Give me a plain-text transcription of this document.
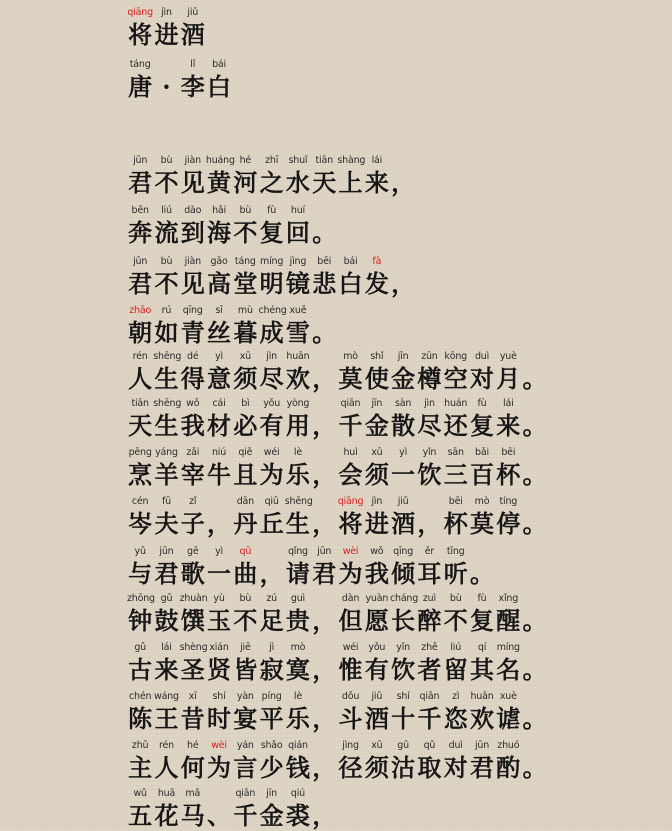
qiāng
将
jìn
进
jiǔ
酒
táng
唐 ·
lǐ
李
bái
白
jūn
君
bù
不
jiàn
见
huáng
黄
hé
河
zhī
之
shuǐ
水
tiān
天
shàng
上
lái
来 ，
bēn
奔
liú
流
dào
到
hǎi
海
bù
不
fù
复
huí
回 。
jūn
君
bù
不
jiàn
见
gāo
高
táng
堂
míng
明
jìng
镜
bēi
悲
bái
白
fà
发 ，
zhāo
朝
rú
如
qīng
青
sī
丝
mù
暮
chéng
成
xuě
雪 。
rén
人
shēng
生
dé
得
yì
意
xū
须
jìn
尽
huān
欢 ，
mò
莫
shǐ
使
jīn
金
zūn
樽
kōng
空
duì
对
yuè
月 。
tiān
天
shēng
生
wǒ
我
cái
材
bì
必
yǒu
有
yòng
用 ，
qiān
千
jīn
金
sàn
散
jìn
尽
huán
还
fù
复
lái
来 。
pēng
烹
yáng
羊
zǎi
宰
niú
牛
qiě
且
wéi
为
lè
乐 ，
huì
会
xū
须
yì
一
yǐn
饮
sān
三
bǎi
百
bēi
杯 。
cén
岑
fū
夫
zǐ
子 ，
dān
丹
qiū
丘
shēng
生 ，
qiāng
将
jìn
进
jiǔ
酒 ，
bēi
杯
mò
莫
tíng
停 。
yǔ
与
jūn
君
gē
歌
yì
一
qǔ
曲 ，
qǐng
请
jūn
君
wèi
为
wǒ
我
qīng
倾
ěr
耳
tīng
听 。
zhōng
钟
gǔ
鼓
zhuàn
馔
yù
玉
bù
不
zú
足
guì
贵 ，
dàn
但
yuàn
愿
cháng
长
zuì
醉
bù
不
fù
复
xǐng
醒 。
gǔ
古
lái
来
shèng
圣
xián
贤
jiē
皆
jì
寂
mò
寞 ，
wéi
惟
yǒu
有
yǐn
饮
zhě
者
liú
留
qí
其
míng
名 。
chén
陈
wáng
王
xī
昔
shí
时
yàn
宴
píng
平
lè
乐 ，
dǒu
斗
jiǔ
酒
shí
十
qiān
千
zì
恣
huān
欢
xuè
谑 。
zhǔ
主
rén
人
hé
何
wèi
为
yán
言
shǎo
少
qián
钱 ，
jìng
径
xū
须
gū
沽
qǔ
取
duì
对
jūn
君
zhuó
酌 。
wǔ
五
huā
花
mǎ
马 、
qiān
千
jīn
金
qiú
裘 ，
